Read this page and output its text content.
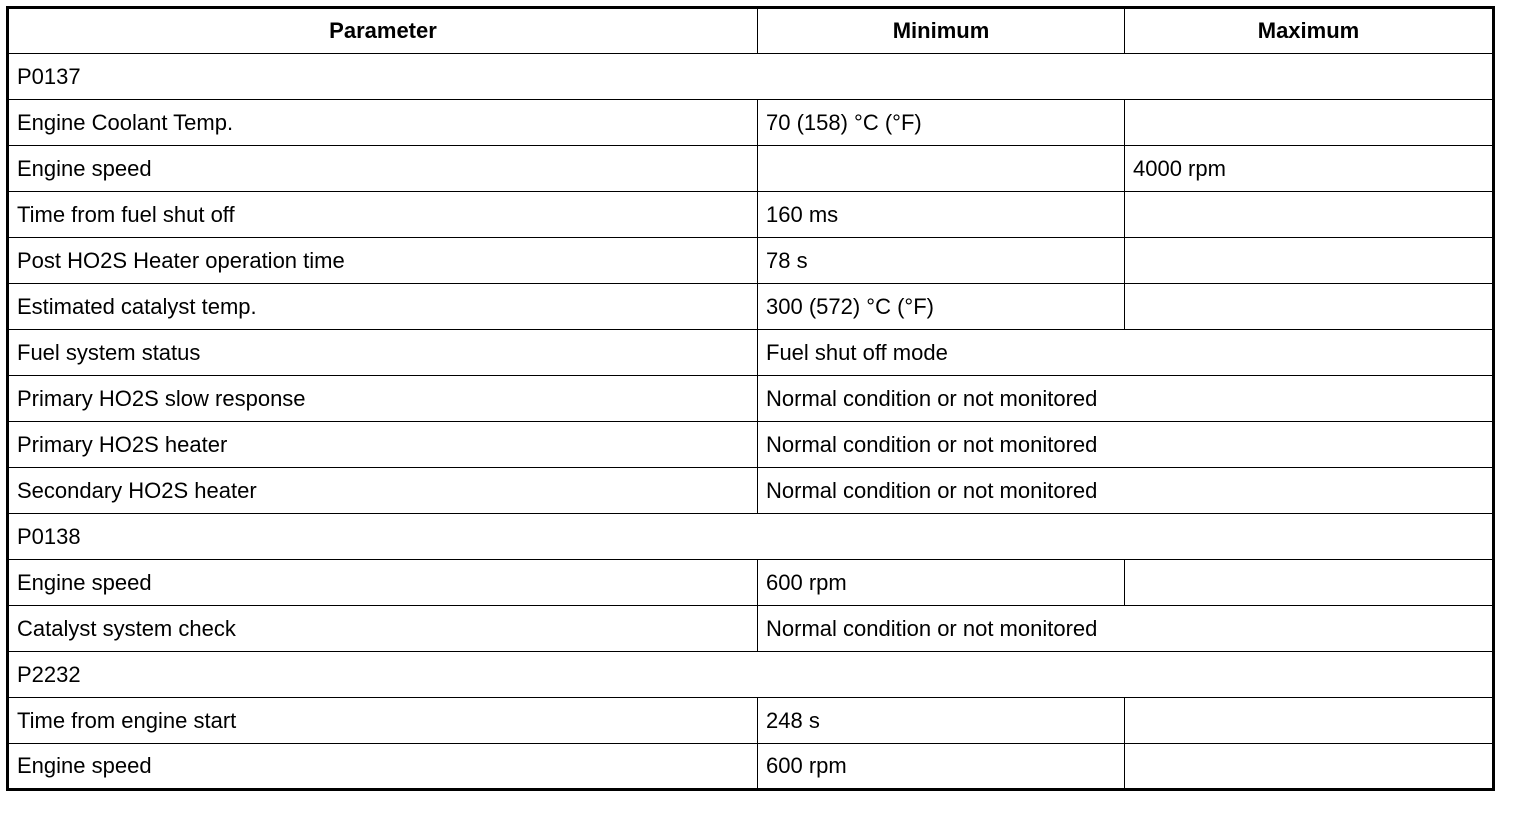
Parameter	Minimum	Maximum
P0137		
Engine Coolant Temp.	70 (158) °C (°F)	
Engine speed		4000 rpm
Time from fuel shut off	160 ms	
Post HO2S Heater operation time	78 s	
Estimated catalyst temp.	300 (572) °C (°F)	
Fuel system status	Fuel shut off mode	
Primary HO2S slow response	Normal condition or not monitored	
Primary HO2S heater	Normal condition or not monitored	
Secondary HO2S heater	Normal condition or not monitored	
P0138		
Engine speed	600 rpm	
Catalyst system check	Normal condition or not monitored	
P2232		
Time from engine start	248 s	
Engine speed	600 rpm	
